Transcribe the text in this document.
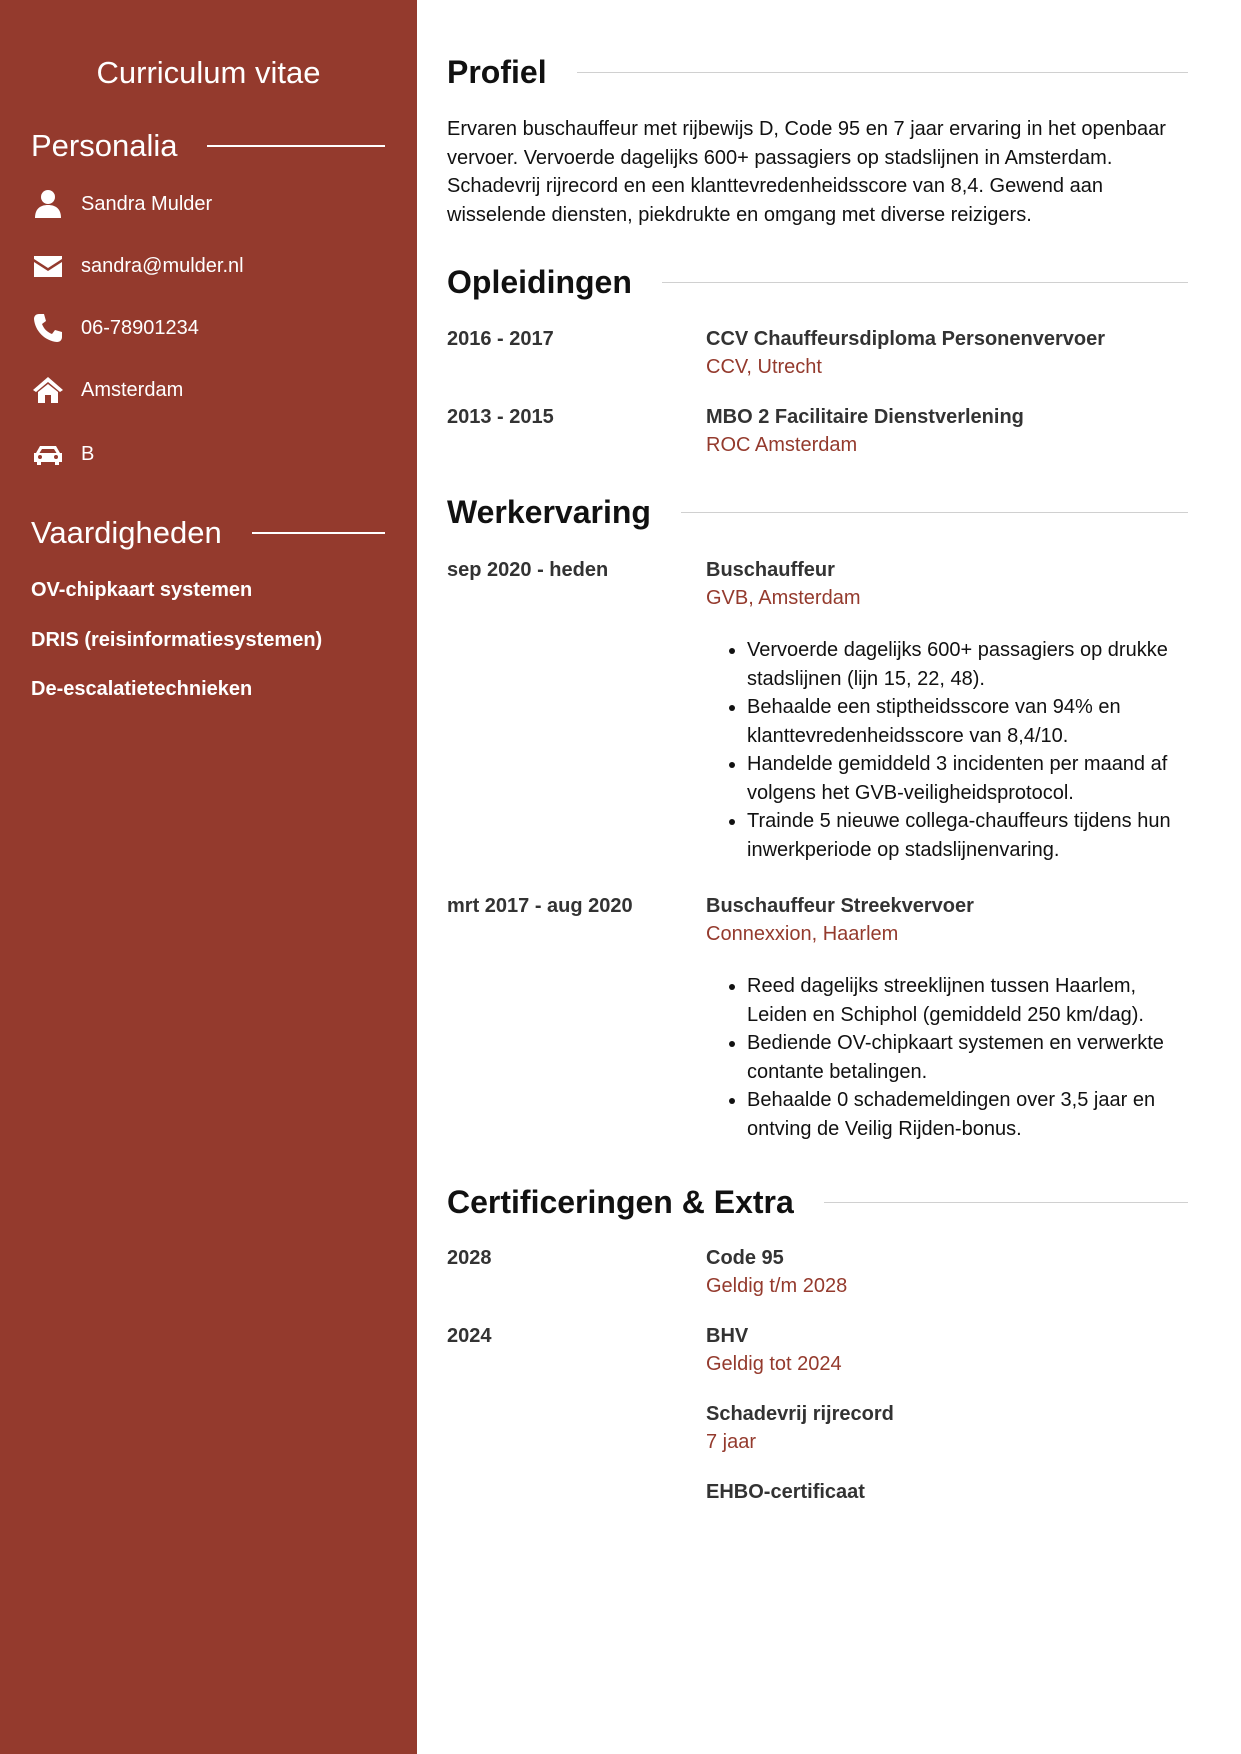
Curriculum vitae
Personalia
Sandra Mulder
sandra@mulder.nl
06-78901234
Amsterdam
B
Vaardigheden
OV-chipkaart systemen
DRIS (reisinformatiesystemen)
De-escalatietechnieken
Profiel
Ervaren buschauffeur met rijbewijs D, Code 95 en 7 jaar ervaring in het openbaar vervoer. Vervoerde dagelijks 600+ passagiers op stadslijnen in Amsterdam. Schadevrij rijrecord en een klanttevredenheidsscore van 8,4. Gewend aan wisselende diensten, piekdrukte en omgang met diverse reizigers.
Opleidingen
2016 - 2017	CCV Chauffeursdiploma Personenvervoer
CCV, Utrecht
2013 - 2015	MBO 2 Facilitaire Dienstverlening
ROC Amsterdam
Werkervaring
sep 2020 - heden	Buschauffeur
GVB, Amsterdam
• Vervoerde dagelijks 600+ passagiers op drukke stadslijnen (lijn 15, 22, 48).
• Behaalde een stiptheidsscore van 94% en klanttevredenheidsscore van 8,4/10.
• Handelde gemiddeld 3 incidenten per maand af volgens het GVB-veiligheidsprotocol.
• Trainde 5 nieuwe collega-chauffeurs tijdens hun inwerkperiode op stadslijnenvaring.
mrt 2017 - aug 2020	Buschauffeur Streekvervoer
Connexxion, Haarlem
• Reed dagelijks streeklijnen tussen Haarlem, Leiden en Schiphol (gemiddeld 250 km/dag).
• Bediende OV-chipkaart systemen en verwerkte contante betalingen.
• Behaalde 0 schademeldingen over 3,5 jaar en ontving de Veilig Rijden-bonus.
Certificeringen & Extra
2028	Code 95
Geldig t/m 2028
2024	BHV
Geldig tot 2024
Schadevrij rijrecord
7 jaar
EHBO-certificaat
